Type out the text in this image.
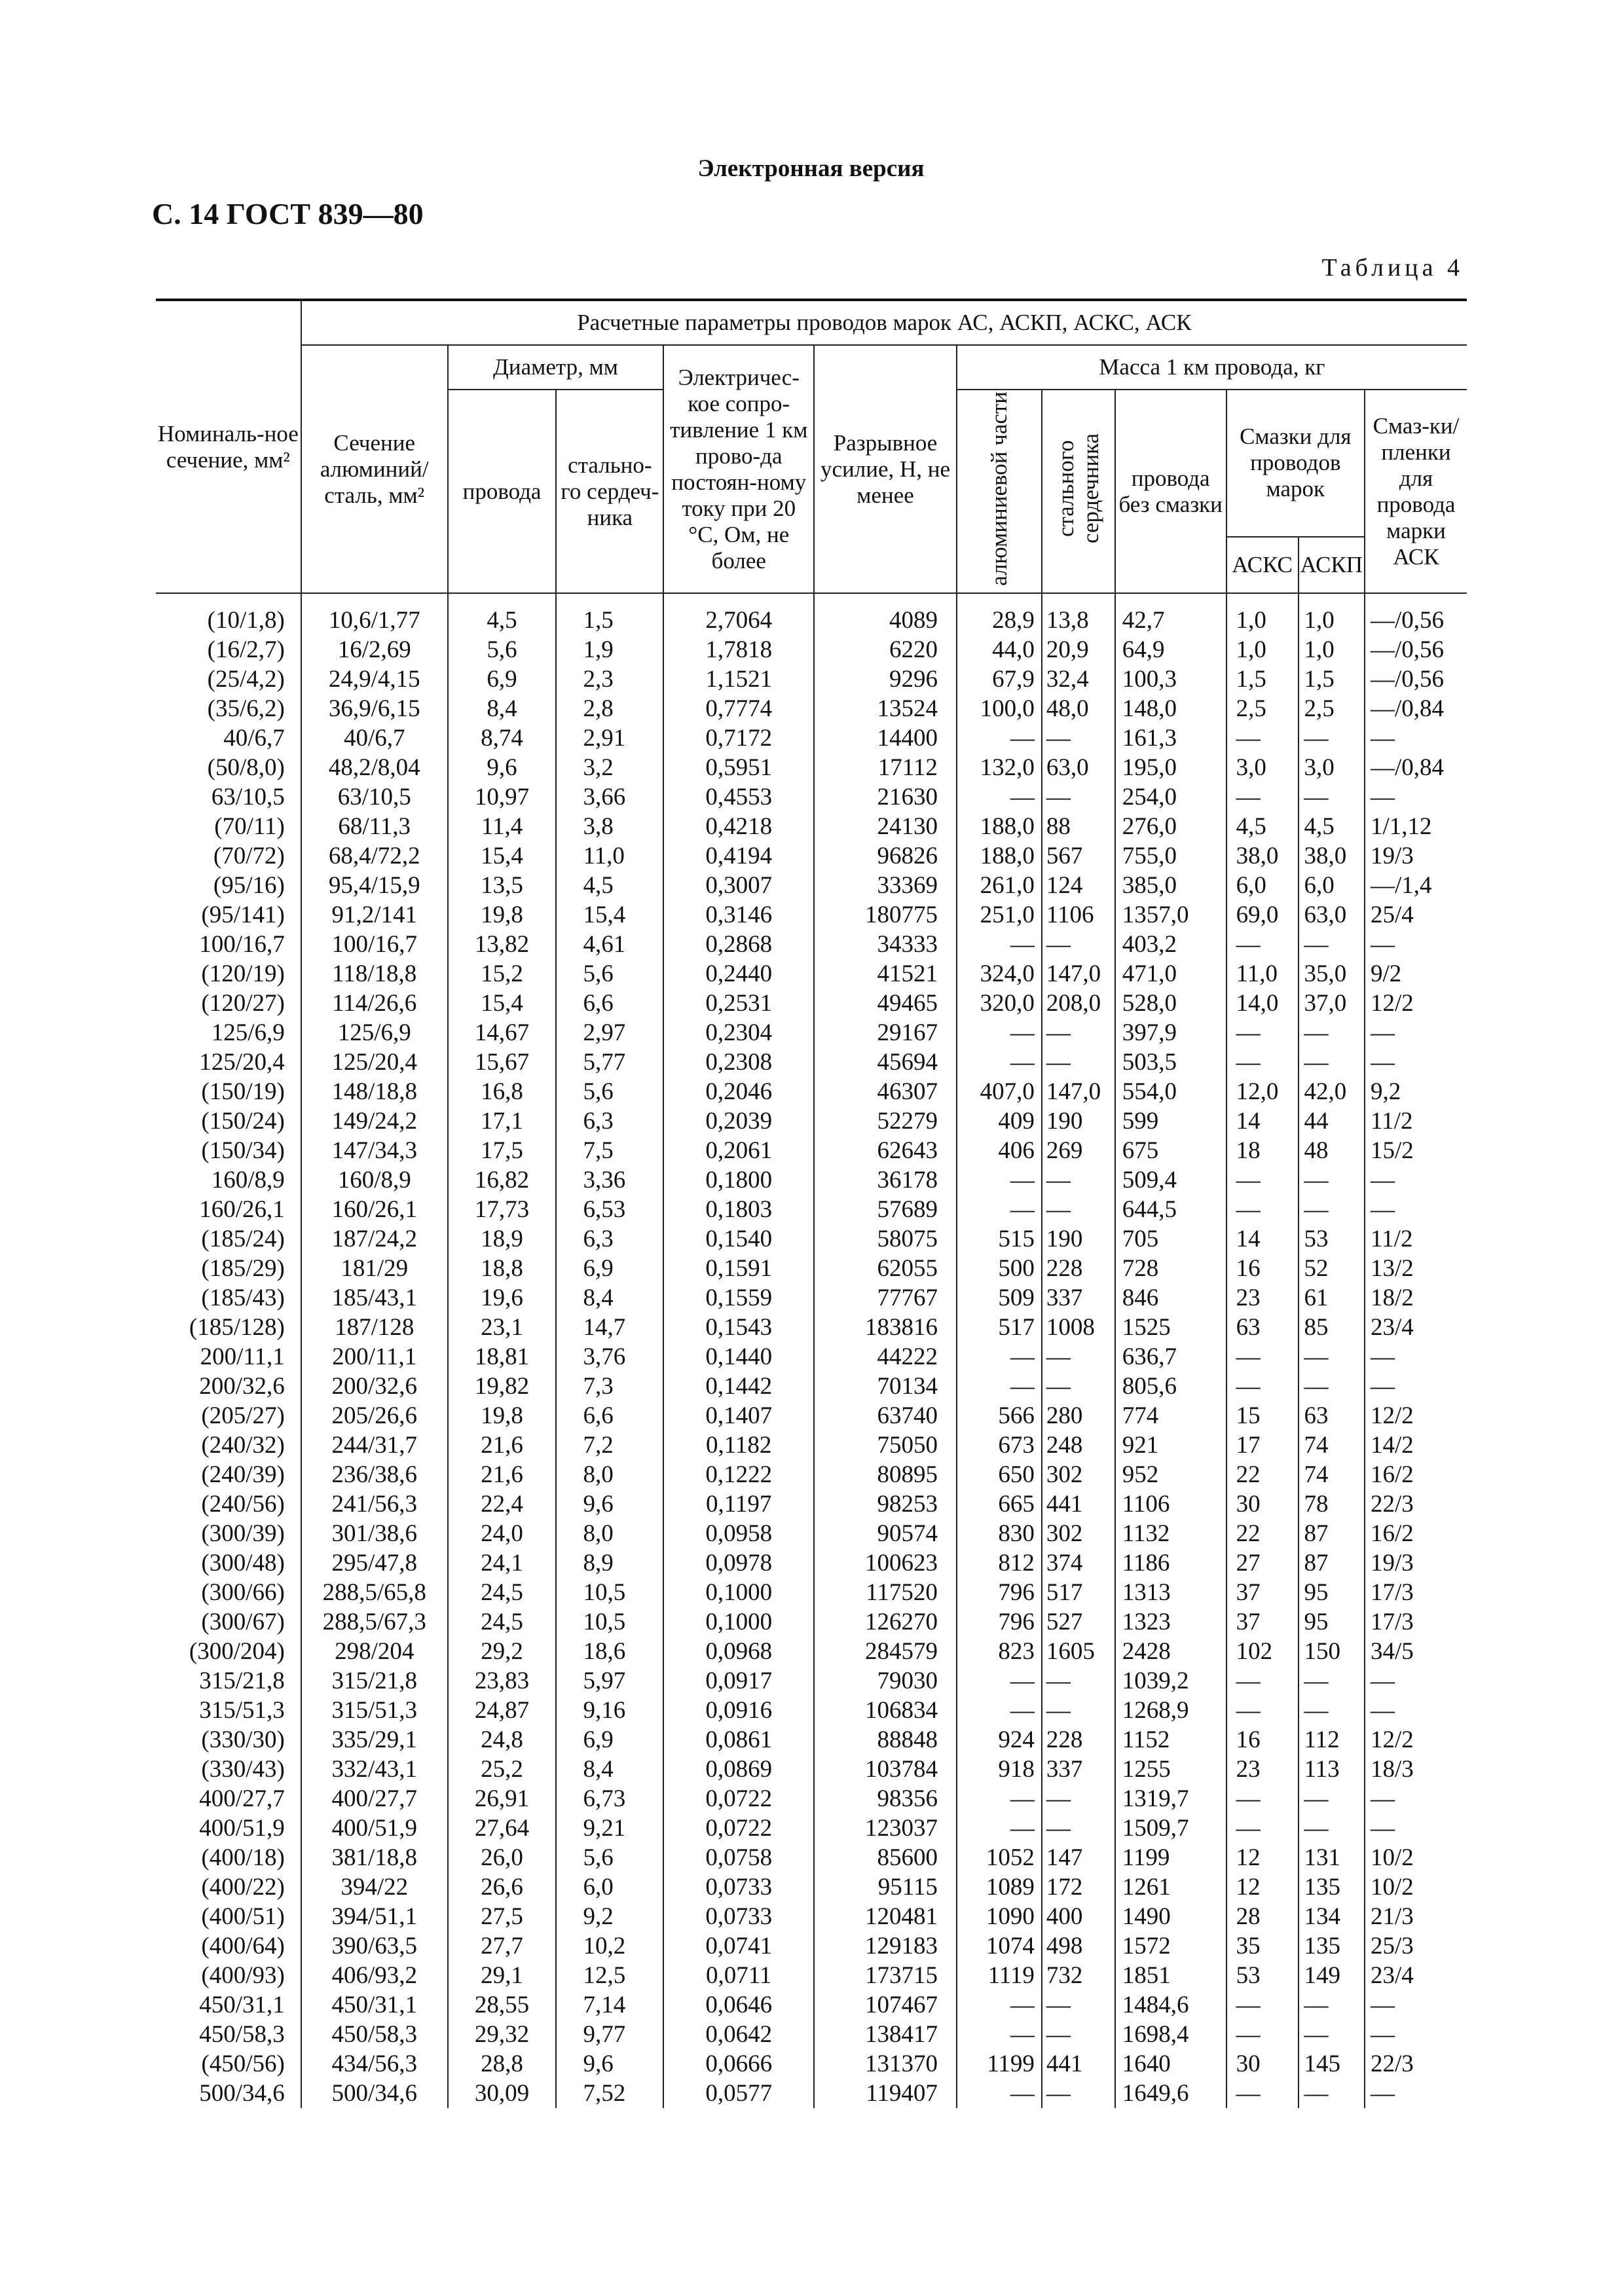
Электронная версия
С. 14 ГОСТ 839—80
Таблица 4
Номиналь-ное сечение, мм²	Расчетные параметры проводов марок АС, АСКП, АСКС, АСК										
	Сечение алюминий/ сталь, мм²	Диаметр, мм		Электричес-кое сопро-тивление 1 км прово-да постоян-ному току при 20 °С, Ом, не более	Разрывное усилие, Н, не менее	Масса 1 км провода, кг					
		провода	стально-го сердеч-ника			алюминиевой части	стального сердечника	провода без смазки	Смазки для проводов марок		Смаз-ки/ пленки для провода марки АСК
									АСКС	АСКП	
(10/1,8)	10,6/1,77	4,5	1,5	2,7064	4089	28,9	13,8	42,7	1,0	1,0	—/0,56
(16/2,7)	16/2,69	5,6	1,9	1,7818	6220	44,0	20,9	64,9	1,0	1,0	—/0,56
(25/4,2)	24,9/4,15	6,9	2,3	1,1521	9296	67,9	32,4	100,3	1,5	1,5	—/0,56
(35/6,2)	36,9/6,15	8,4	2,8	0,7774	13524	100,0	48,0	148,0	2,5	2,5	—/0,84
40/6,7	40/6,7	8,74	2,91	0,7172	14400	—	—	161,3	—	—	—
(50/8,0)	48,2/8,04	9,6	3,2	0,5951	17112	132,0	63,0	195,0	3,0	3,0	—/0,84
63/10,5	63/10,5	10,97	3,66	0,4553	21630	—	—	254,0	—	—	—
(70/11)	68/11,3	11,4	3,8	0,4218	24130	188,0	88	276,0	4,5	4,5	1/1,12
(70/72)	68,4/72,2	15,4	11,0	0,4194	96826	188,0	567	755,0	38,0	38,0	19/3
(95/16)	95,4/15,9	13,5	4,5	0,3007	33369	261,0	124	385,0	6,0	6,0	—/1,4
(95/141)	91,2/141	19,8	15,4	0,3146	180775	251,0	1106	1357,0	69,0	63,0	25/4
100/16,7	100/16,7	13,82	4,61	0,2868	34333	—	—	403,2	—	—	—
(120/19)	118/18,8	15,2	5,6	0,2440	41521	324,0	147,0	471,0	11,0	35,0	9/2
(120/27)	114/26,6	15,4	6,6	0,2531	49465	320,0	208,0	528,0	14,0	37,0	12/2
125/6,9	125/6,9	14,67	2,97	0,2304	29167	—	—	397,9	—	—	—
125/20,4	125/20,4	15,67	5,77	0,2308	45694	—	—	503,5	—	—	—
(150/19)	148/18,8	16,8	5,6	0,2046	46307	407,0	147,0	554,0	12,0	42,0	9,2
(150/24)	149/24,2	17,1	6,3	0,2039	52279	409	190	599	14	44	11/2
(150/34)	147/34,3	17,5	7,5	0,2061	62643	406	269	675	18	48	15/2
160/8,9	160/8,9	16,82	3,36	0,1800	36178	—	—	509,4	—	—	—
160/26,1	160/26,1	17,73	6,53	0,1803	57689	—	—	644,5	—	—	—
(185/24)	187/24,2	18,9	6,3	0,1540	58075	515	190	705	14	53	11/2
(185/29)	181/29	18,8	6,9	0,1591	62055	500	228	728	16	52	13/2
(185/43)	185/43,1	19,6	8,4	0,1559	77767	509	337	846	23	61	18/2
(185/128)	187/128	23,1	14,7	0,1543	183816	517	1008	1525	63	85	23/4
200/11,1	200/11,1	18,81	3,76	0,1440	44222	—	—	636,7	—	—	—
200/32,6	200/32,6	19,82	7,3	0,1442	70134	—	—	805,6	—	—	—
(205/27)	205/26,6	19,8	6,6	0,1407	63740	566	280	774	15	63	12/2
(240/32)	244/31,7	21,6	7,2	0,1182	75050	673	248	921	17	74	14/2
(240/39)	236/38,6	21,6	8,0	0,1222	80895	650	302	952	22	74	16/2
(240/56)	241/56,3	22,4	9,6	0,1197	98253	665	441	1106	30	78	22/3
(300/39)	301/38,6	24,0	8,0	0,0958	90574	830	302	1132	22	87	16/2
(300/48)	295/47,8	24,1	8,9	0,0978	100623	812	374	1186	27	87	19/3
(300/66)	288,5/65,8	24,5	10,5	0,1000	117520	796	517	1313	37	95	17/3
(300/67)	288,5/67,3	24,5	10,5	0,1000	126270	796	527	1323	37	95	17/3
(300/204)	298/204	29,2	18,6	0,0968	284579	823	1605	2428	102	150	34/5
315/21,8	315/21,8	23,83	5,97	0,0917	79030	—	—	1039,2	—	—	—
315/51,3	315/51,3	24,87	9,16	0,0916	106834	—	—	1268,9	—	—	—
(330/30)	335/29,1	24,8	6,9	0,0861	88848	924	228	1152	16	112	12/2
(330/43)	332/43,1	25,2	8,4	0,0869	103784	918	337	1255	23	113	18/3
400/27,7	400/27,7	26,91	6,73	0,0722	98356	—	—	1319,7	—	—	—
400/51,9	400/51,9	27,64	9,21	0,0722	123037	—	—	1509,7	—	—	—
(400/18)	381/18,8	26,0	5,6	0,0758	85600	1052	147	1199	12	131	10/2
(400/22)	394/22	26,6	6,0	0,0733	95115	1089	172	1261	12	135	10/2
(400/51)	394/51,1	27,5	9,2	0,0733	120481	1090	400	1490	28	134	21/3
(400/64)	390/63,5	27,7	10,2	0,0741	129183	1074	498	1572	35	135	25/3
(400/93)	406/93,2	29,1	12,5	0,0711	173715	1119	732	1851	53	149	23/4
450/31,1	450/31,1	28,55	7,14	0,0646	107467	—	—	1484,6	—	—	—
450/58,3	450/58,3	29,32	9,77	0,0642	138417	—	—	1698,4	—	—	—
(450/56)	434/56,3	28,8	9,6	0,0666	131370	1199	441	1640	30	145	22/3
500/34,6	500/34,6	30,09	7,52	0,0577	119407	—	—	1649,6	—	—	—
